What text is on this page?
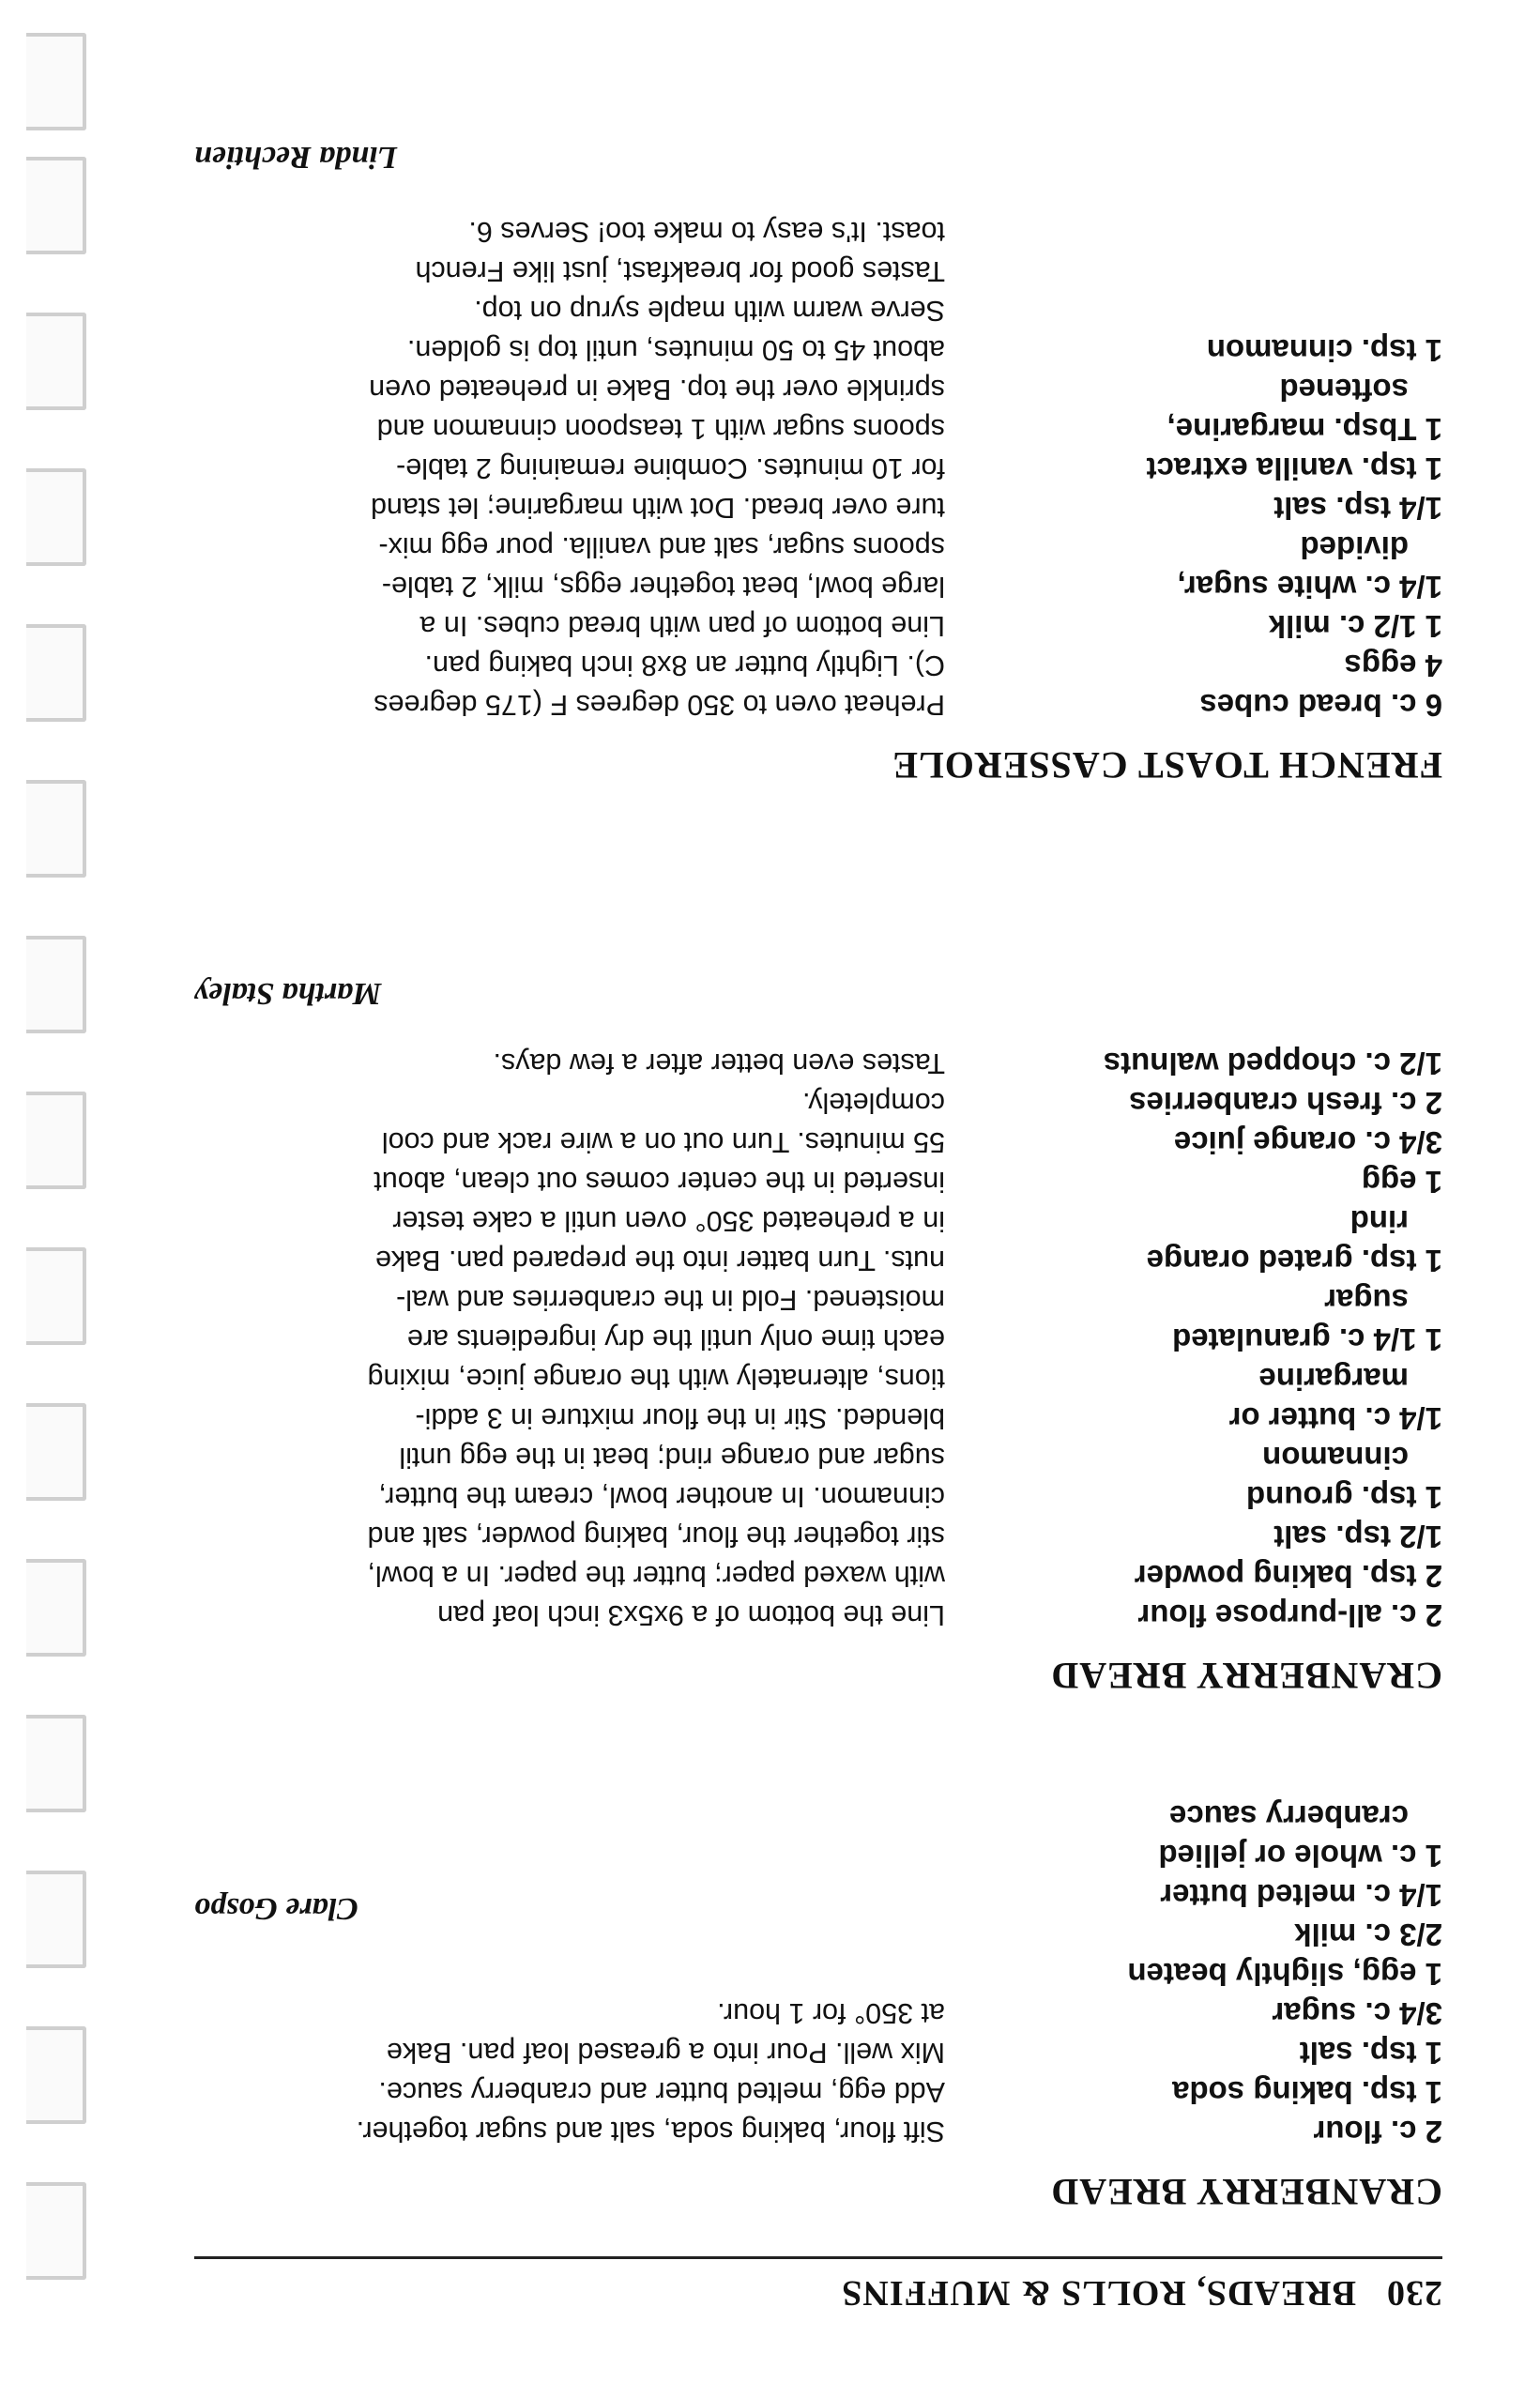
230BREADS, ROLLS & MUFFINS
CRANBERRY BREAD
2 c. flour
1 tsp. baking soda
1 tsp. salt
3/4 c. sugar
1 egg, slightly beaten
2/3 c. milk
1/4 c. melted butter
1 c. whole or jellied
cranberry sauce
Sift flour, baking soda, salt and sugar together.
Add egg, melted butter and cranberry sauce.
Mix well. Pour into a greased loaf pan. Bake
at 350° for 1 hour.
Clare Gospo
CRANBERRY BREAD
2 c. all-purpose flour
2 tsp. baking powder
1/2 tsp. salt
1 tsp. ground
cinnamon
1/4 c. butter or
margarine
1 1/4 c. granulated
sugar
1 tsp. grated orange
rind
1 egg
3/4 c. orange juice
2 c. fresh cranberries
1/2 c. chopped walnuts
Line the bottom of a 9x5x3 inch loaf pan
with waxed paper; butter the paper. In a bowl,
stir together the flour, baking powder, salt and
cinnamon. In another bowl, cream the butter,
sugar and orange rind; beat in the egg until
blended. Stir in the flour mixture in 3 addi-
tions, alternately with the orange juice, mixing
each time only until the dry ingredients are
moistened. Fold in the cranberries and wal-
nuts. Turn batter into the prepared pan. Bake
in a preheated 350° oven until a cake tester
inserted in the center comes out clean, about
55 minutes. Turn out on a wire rack and cool
completely.
Tastes even better after a few days.
Martha Staley
FRENCH TOAST CASSEROLE
6 c. bread cubes
4 eggs
1 1/2 c. milk
1/4 c. white sugar,
divided
1/4 tsp. salt
1 tsp. vanilla extract
1 Tbsp. margarine,
softened
1 tsp. cinnamon
Preheat oven to 350 degrees F (175 degrees
C). Lightly butter an 8x8 inch baking pan.
Line bottom of pan with bread cubes. In a
large bowl, beat together eggs, milk, 2 table-
spoons sugar, salt and vanilla. pour egg mix-
ture over bread. Dot with margarine; let stand
for 10 minutes. Combine remaining 2 table-
spoons sugar with 1 teaspoon cinnamon and
sprinkle over the top. Bake in preheated oven
about 45 to 50 minutes, until top is golden.
Serve warm with maple syrup on top.
Tastes good for breakfast, just like French
toast. It's easy to make too! Serves 6.
Linda Rechtien
